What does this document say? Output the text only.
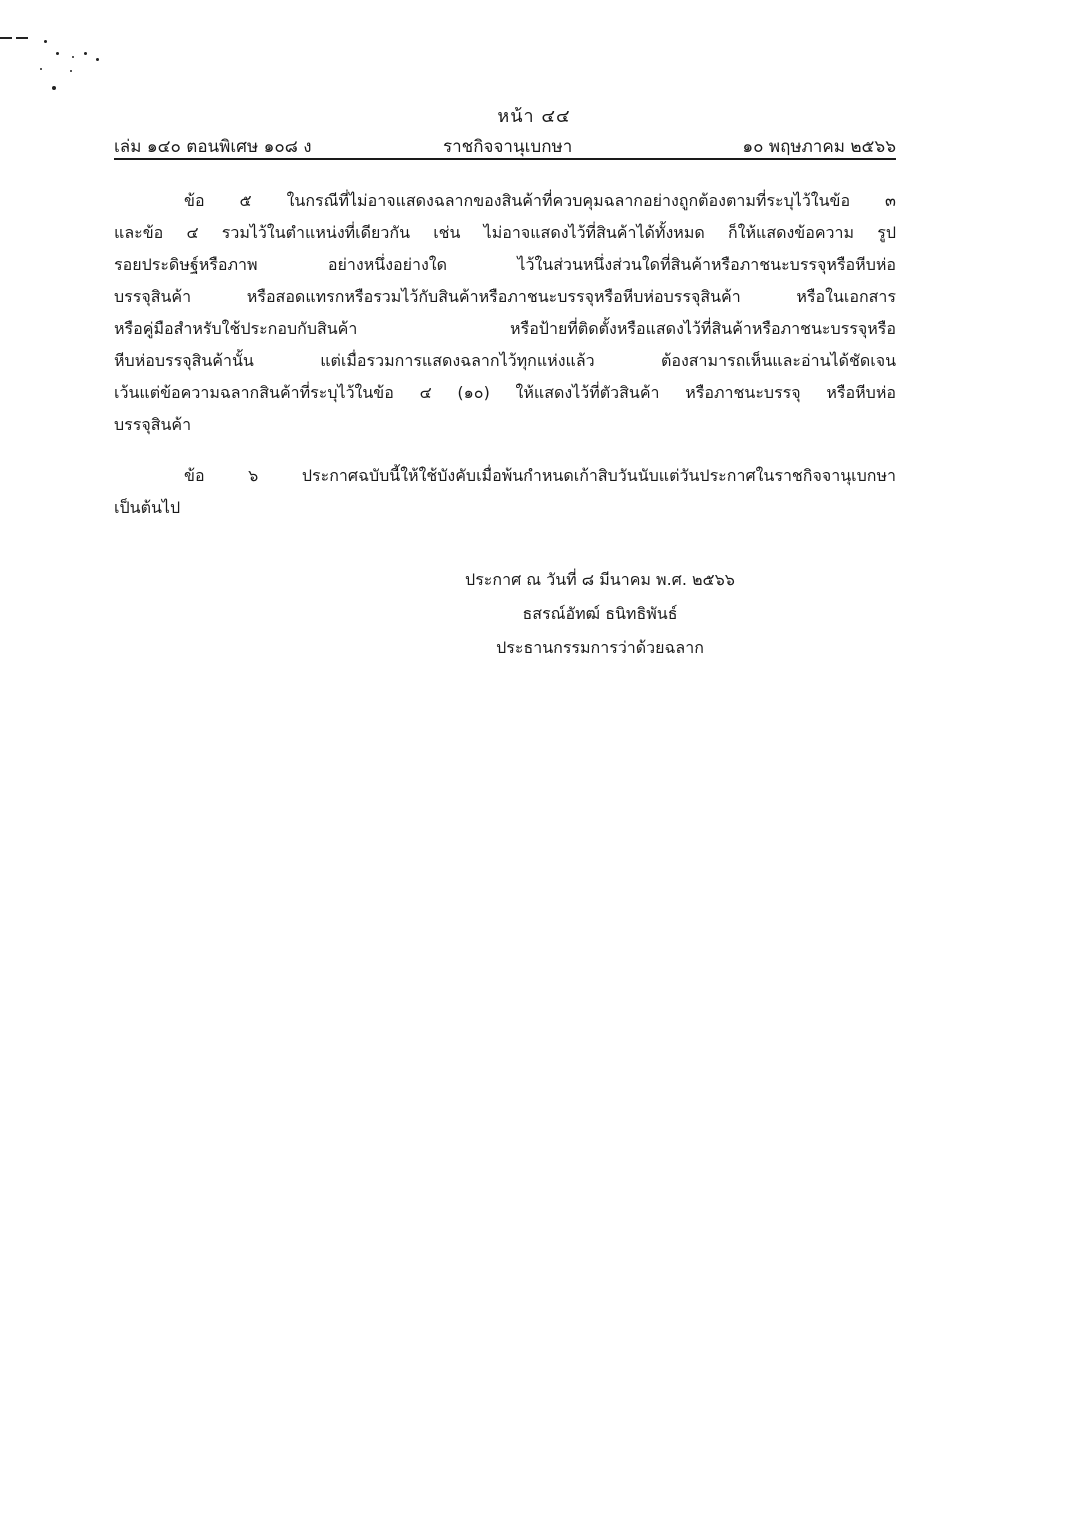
หน้า ๔๔
เล่ม ๑๔๐ ตอนพิเศษ ๑๐๘ ง	ราชกิจจานุเบกษา	๑๐ พฤษภาคม ๒๕๖๖
ข้อ ๕ ในกรณีที่ไม่อาจแสดงฉลากของสินค้าที่ควบคุมฉลากอย่างถูกต้องตามที่ระบุไว้ในข้อ ๓
และข้อ ๔ รวมไว้ในตำแหน่งที่เดียวกัน เช่น ไม่อาจแสดงไว้ที่สินค้าได้ทั้งหมด ก็ให้แสดงข้อความ รูป
รอยประดิษฐ์หรือภาพ อย่างหนึ่งอย่างใด ไว้ในส่วนหนึ่งส่วนใดที่สินค้าหรือภาชนะบรรจุหรือหีบห่อ
บรรจุสินค้า หรือสอดแทรกหรือรวมไว้กับสินค้าหรือภาชนะบรรจุหรือหีบห่อบรรจุสินค้า หรือในเอกสาร
หรือคู่มือสำหรับใช้ประกอบกับสินค้า หรือป้ายที่ติดตั้งหรือแสดงไว้ที่สินค้าหรือภาชนะบรรจุหรือ
หีบห่อบรรจุสินค้านั้น แต่เมื่อรวมการแสดงฉลากไว้ทุกแห่งแล้ว ต้องสามารถเห็นและอ่านได้ชัดเจน
เว้นแต่ข้อความฉลากสินค้าที่ระบุไว้ในข้อ ๔ (๑๐) ให้แสดงไว้ที่ตัวสินค้า หรือภาชนะบรรจุ หรือหีบห่อ
บรรจุสินค้า
ข้อ ๖ ประกาศฉบับนี้ให้ใช้บังคับเมื่อพ้นกำหนดเก้าสิบวันนับแต่วันประกาศในราชกิจจานุเบกษา
เป็นต้นไป
ประกาศ ณ วันที่ ๘ มีนาคม พ.ศ. ๒๕๖๖
ธสรณ์อัทฒ์ ธนิทธิพันธ์
ประธานกรรมการว่าด้วยฉลาก
